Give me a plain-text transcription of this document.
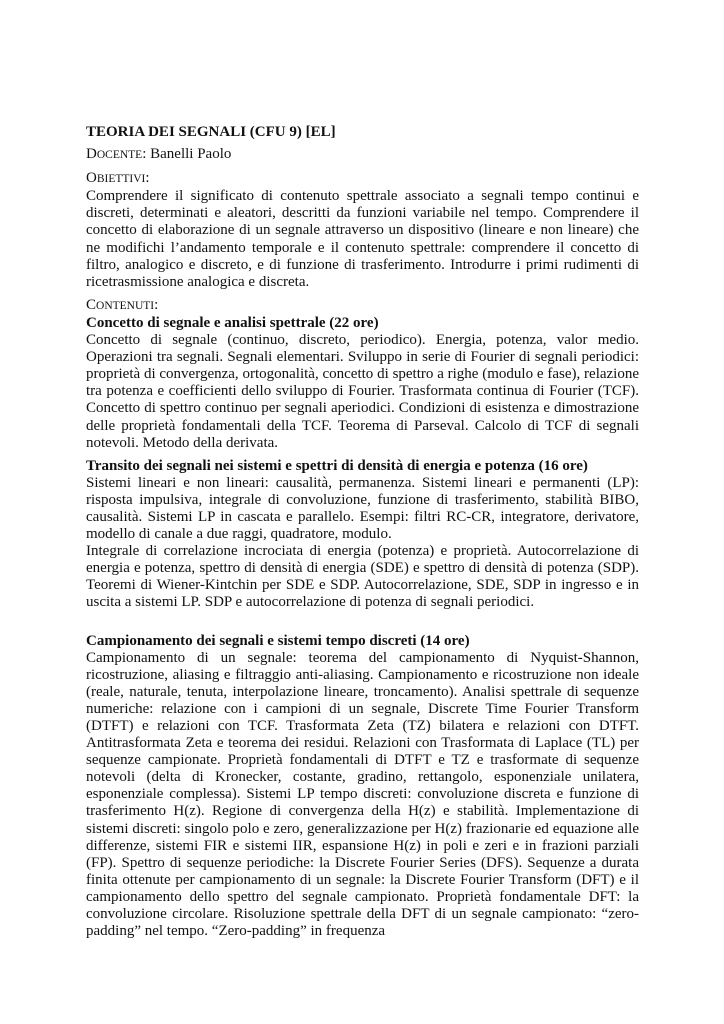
TEORIA DEI SEGNALI (CFU 9) [EL]

DOCENTE: Banelli Paolo
OBIETTIVI:

Comprendere il significato di contenuto spettrale associato a segnali tempo continui e discreti, determinati e aleatori, descritti da funzioni variabile nel tempo. Comprendere il concetto di elaborazione di un segnale attraverso un dispositivo (lineare e non lineare) che ne modifichi l’andamento temporale e il contenuto spettrale: comprendere il concetto di filtro, analogico e discreto, e di funzione di trasferimento. Introdurre i primi rudimenti di ricetrasmissione analogica e discreta.

CONTENUTI:

Concetto di segnale e analisi spettrale (22 ore)

Concetto di segnale (continuo, discreto, periodico). Energia, potenza, valor medio. Operazioni tra segnali. Segnali elementari. Sviluppo in serie di Fourier di segnali periodici: proprietà di convergenza, ortogonalità, concetto di spettro a righe (modulo e fase), relazione tra potenza e coefficienti dello sviluppo di Fourier. Trasformata continua di Fourier (TCF). Concetto di spettro continuo per segnali aperiodici. Condizioni di esistenza e dimostrazione delle proprietà fondamentali della TCF. Teorema di Parseval. Calcolo di TCF di segnali notevoli. Metodo della derivata.

Transito dei segnali nei sistemi e spettri di densità di energia e potenza (16 ore)

Sistemi lineari e non lineari: causalità, permanenza. Sistemi lineari e permanenti (LP): risposta impulsiva, integrale di convoluzione, funzione di trasferimento, stabilità BIBO, causalità. Sistemi LP in cascata e parallelo. Esempi: filtri RC-CR, integratore, derivatore, modello di canale a due raggi, quadratore, modulo.

Integrale di correlazione incrociata di energia (potenza) e proprietà. Autocorrelazione di energia e potenza, spettro di densità di energia (SDE) e spettro di densità di potenza (SDP). Teoremi di Wiener-Kintchin per SDE e SDP. Autocorrelazione, SDE, SDP in ingresso e in uscita a sistemi LP. SDP e autocorrelazione di potenza di segnali periodici.

Campionamento dei segnali e sistemi tempo discreti (14 ore)

Campionamento di un segnale: teorema del campionamento di Nyquist-Shannon, ricostruzione, aliasing e filtraggio anti-aliasing. Campionamento e ricostruzione non ideale (reale, naturale, tenuta, interpolazione lineare, troncamento). Analisi spettrale di sequenze numeriche: relazione con i campioni di un segnale, Discrete Time Fourier Transform (DTFT) e relazioni con TCF. Trasformata Zeta (TZ) bilatera e relazioni con DTFT. Antitrasformata Zeta e teorema dei residui. Relazioni con Trasformata di Laplace (TL) per sequenze campionate. Proprietà fondamentali di DTFT e TZ e trasformate di sequenze notevoli (delta di Kronecker, costante, gradino, rettangolo, esponenziale unilatera, esponenziale complessa). Sistemi LP tempo discreti: convoluzione discreta e funzione di trasferimento H(z). Regione di convergenza della H(z) e stabilità. Implementazione di sistemi discreti: singolo polo e zero, generalizzazione per H(z) frazionarie ed equazione alle differenze, sistemi FIR e sistemi IIR, espansione H(z) in poli e zeri e in frazioni parziali (FP). Spettro di sequenze periodiche: la Discrete Fourier Series (DFS). Sequenze a durata finita ottenute per campionamento di un segnale: la Discrete Fourier Transform (DFT) e il campionamento dello spettro del segnale campionato. Proprietà fondamentale DFT: la convoluzione circolare. Risoluzione spettrale della DFT di un segnale campionato: “zero-padding” nel tempo. “Zero-padding” in frequenza
